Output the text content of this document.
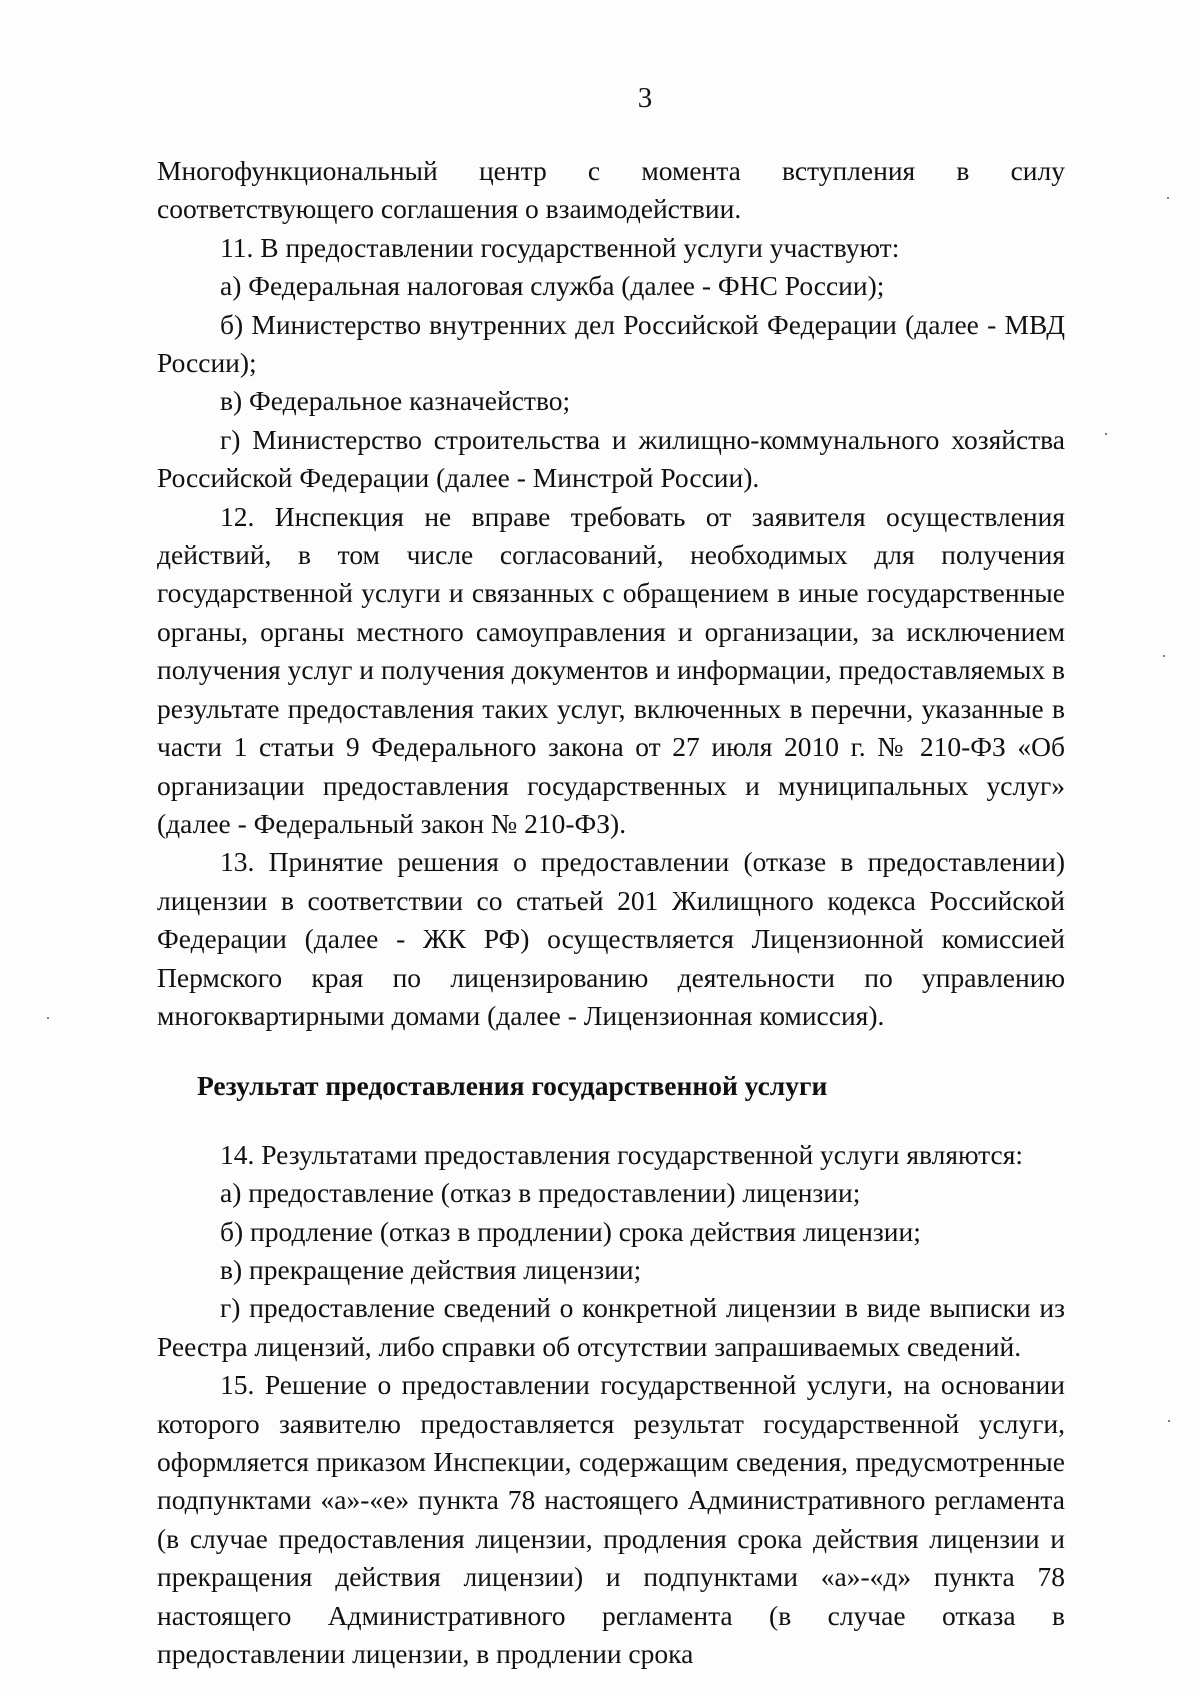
3

Многофункциональный центр с момента вступления в силу соответствующего соглашения о взаимодействии.

11. В предоставлении государственной услуги участвуют:

а) Федеральная налоговая служба (далее - ФНС России);

б) Министерство внутренних дел Российской Федерации (далее - МВД России);

в) Федеральное казначейство;

г) Министерство строительства и жилищно-коммунального хозяйства Российской Федерации (далее - Минстрой России).

12. Инспекция не вправе требовать от заявителя осуществления действий, в том числе согласований, необходимых для получения государственной услуги и связанных с обращением в иные государственные органы, органы местного самоуправления и организации, за исключением получения услуг и получения документов и информации, предоставляемых в результате предоставления таких услуг, включенных в перечни, указанные в части 1 статьи 9 Федерального закона от 27 июля 2010 г. № 210-ФЗ «Об организации предоставления государственных и муниципальных услуг» (далее - Федеральный закон № 210-ФЗ).

13. Принятие решения о предоставлении (отказе в предоставлении) лицензии в соответствии со статьей 201 Жилищного кодекса Российской Федерации (далее - ЖК РФ) осуществляется Лицензионной комиссией Пермского края по лицензированию деятельности по управлению многоквартирными домами (далее - Лицензионная комиссия).

Результат предоставления государственной услуги

14. Результатами предоставления государственной услуги являются:

а) предоставление (отказ в предоставлении) лицензии;

б) продление (отказ в продлении) срока действия лицензии;

в) прекращение действия лицензии;

г) предоставление сведений о конкретной лицензии в виде выписки из Реестра лицензий, либо справки об отсутствии запрашиваемых сведений.

15. Решение о предоставлении государственной услуги, на основании которого заявителю предоставляется результат государственной услуги, оформляется приказом Инспекции, содержащим сведения, предусмотренные подпунктами «а»-«е» пункта 78 настоящего Административного регламента (в случае предоставления лицензии, продления срока действия лицензии и прекращения действия лицензии) и подпунктами «а»-«д» пункта 78 настоящего Административного регламента (в случае отказа в предоставлении лицензии, в продлении срока
